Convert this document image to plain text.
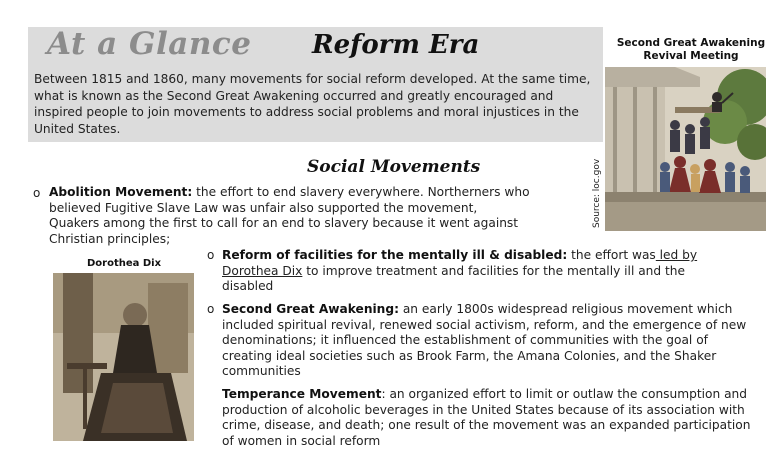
At a Glance Reform Era
Between 1815 and 1860, many movements for social reform developed. At the same time, what is known as the Second Great Awakening occurred and greatly encouraged and inspired people to join movements to address social problems and moral injustices in the United States.
Second Great Awakening
Revival Meeting
Source: loc.gov
Social Movements
o Abolition Movement: the effort to end slavery everywhere. Northerners who
believed Fugitive Slave Law was unfair also supported the movement,
Quakers among the first to call for an end to slavery because it went against
Christian principles;
Dorothea Dix
o Reform of facilities for the mentally ill & disabled: the effort was led by Dorothea Dix to improve treatment and facilities for the mentally ill and the disabled
o Second Great Awakening: an early 1800s widespread religious movement which included spiritual revival, renewed social activism, reform, and the emergence of new denominations; it influenced the establishment of communities with the goal of creating ideal societies such as Brook Farm, the Amana Colonies, and the Shaker communities
Temperance Movement: an organized effort to limit or outlaw the consumption and production of alcoholic beverages in the United States because of its association with crime, disease, and death; one result of the movement was an expanded participation of women in social reform
